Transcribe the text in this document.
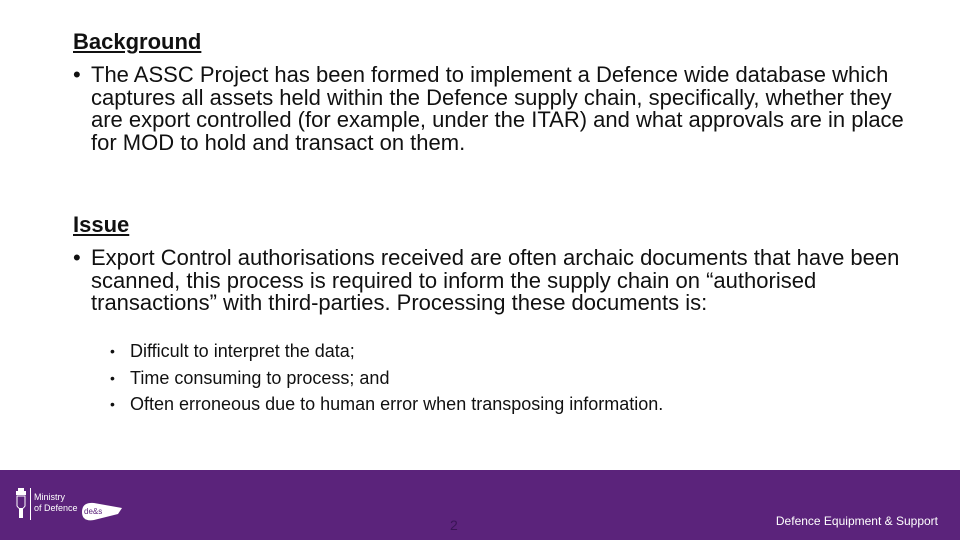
Background

• The ASSC Project has been formed to implement a Defence wide database which captures all assets held within the Defence supply chain, specifically, whether they are export controlled (for example, under the ITAR) and what approvals are in place for MOD to hold and transact on them.

Issue

• Export Control authorisations received are often archaic documents that have been scanned, this process is required to inform the supply chain on “authorised transactions” with third-parties. Processing these documents is:

• Difficult to interpret the data;
• Time consuming to process; and
• Often erroneous due to human error when transposing information.
Ministry
of Defence de&s
2	Defence Equipment & Support
